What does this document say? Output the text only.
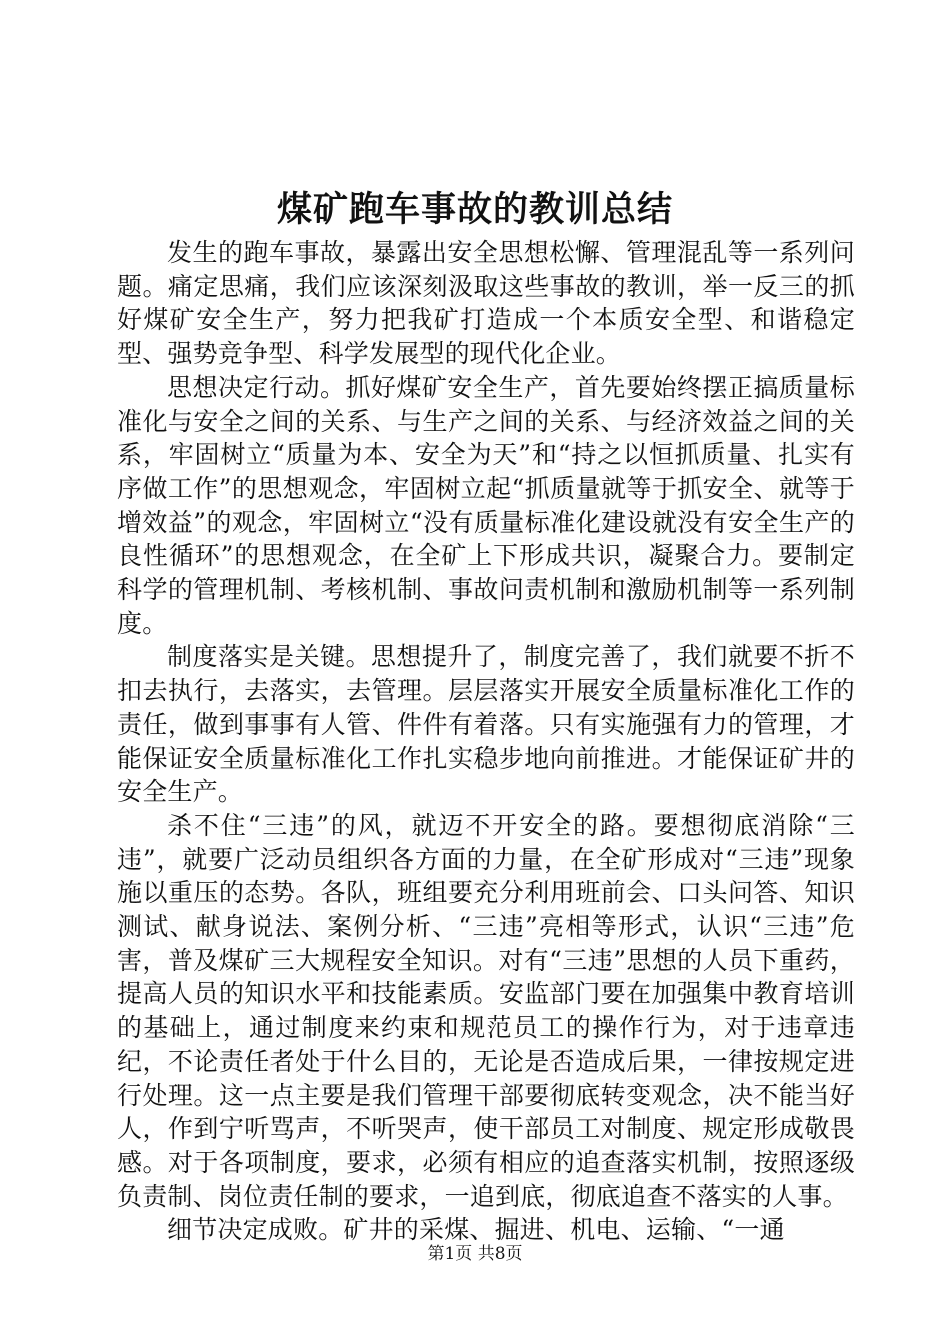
煤矿跑车事故的教训总结

发生的跑车事故，暴露出安全思想松懈、管理混乱等一系列问题。痛定思痛，我们应该深刻汲取这些事故的教训，举一反三的抓好煤矿安全生产，努力把我矿打造成一个本质安全型、和谐稳定型、强势竞争型、科学发展型的现代化企业。

思想决定行动。抓好煤矿安全生产，首先要始终摆正搞质量标准化与安全之间的关系、与生产之间的关系、与经济效益之间的关系，牢固树立“质量为本、安全为天”和“持之以恒抓质量、扎实有序做工作”的思想观念，牢固树立起“抓质量就等于抓安全、就等于增效益”的观念，牢固树立“没有质量标准化建设就没有安全生产的良性循环”的思想观念，在全矿上下形成共识，凝聚合力。要制定科学的管理机制、考核机制、事故问责机制和激励机制等一系列制度。

制度落实是关键。思想提升了，制度完善了，我们就要不折不扣去执行，去落实，去管理。层层落实开展安全质量标准化工作的责任，做到事事有人管、件件有着落。只有实施强有力的管理，才能保证安全质量标准化工作扎实稳步地向前推进。才能保证矿井的安全生产。

杀不住“三违”的风，就迈不开安全的路。要想彻底消除“三违”，就要广泛动员组织各方面的力量，在全矿形成对“三违”现象施以重压的态势。各队，班组要充分利用班前会、口头问答、知识测试、献身说法、案例分析、“三违”亮相等形式，认识“三违”危害，普及煤矿三大规程安全知识。对有“三违”思想的人员下重药，提高人员的知识水平和技能素质。安监部门要在加强集中教育培训的基础上，通过制度来约束和规范员工的操作行为，对于违章违纪，不论责任者处于什么目的，无论是否造成后果，一律按规定进行处理。这一点主要是我们管理干部要彻底转变观念，决不能当好人，作到宁听骂声，不听哭声，使干部员工对制度、规定形成敬畏感。对于各项制度，要求，必须有相应的追查落实机制，按照逐级负责制、岗位责任制的要求，一追到底，彻底追查不落实的人事。

细节决定成败。矿井的采煤、掘进、机电、运输、“一通

第1页 共8页
